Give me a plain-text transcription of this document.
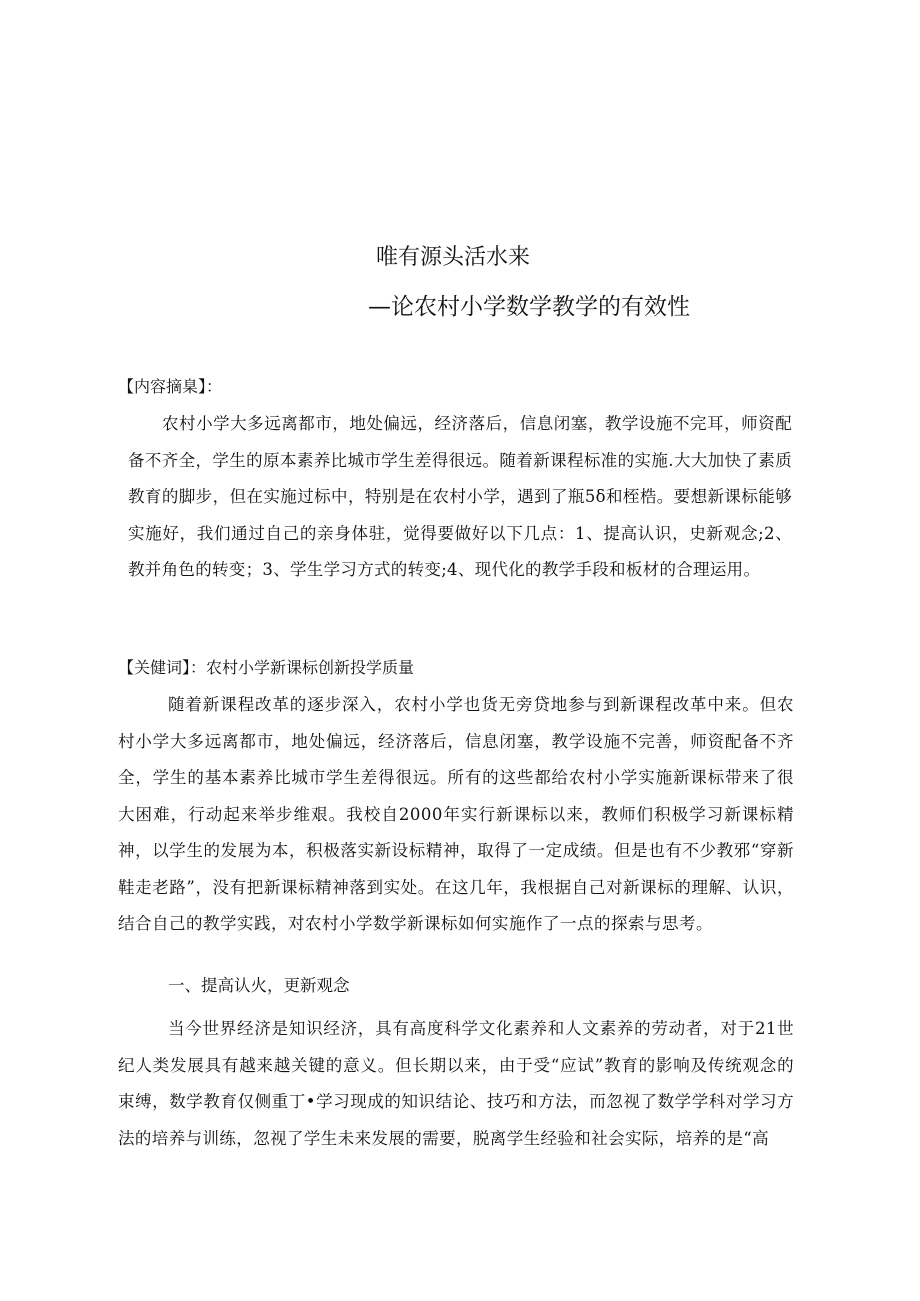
唯有源头活水来
—论农村小学数学教学的有效性
【内容摘臬】：

农村小学大多远离都市，地处偏远，经济落后，信息闭塞，教学设施不完耳，师资配备不齐全，学生的原本素养比城市学生差得很远。随着新课程标准的实施.大大加快了素质教育的脚步，但在实施过标中，特别是在农村小学，遇到了瓶5δ和桎梏。要想新课标能够实施好，我们通过自己的亲身体驻，觉得要做好以下几点：1、提高认识，史新观念;2、教并角色的转变；3、学生学习方式的转变;4、现代化的教学手段和板材的合理运用。

【关健词】：农村小学新课标创新投学质量

随着新课程改革的逐步深入，农村小学也货无旁贷地参与到新课程改革中来。但农村小学大多远离都市，地处偏远，经济落后，信息闭塞，教学设施不完善，师资配备不齐全，学生的基本素养比城市学生差得很远。所有的这些都给农村小学实施新课标带来了很大困难，行动起来举步维艰。我校自2000年实行新课标以来，教师们积极学习新课标精神，以学生的发展为本，积极落实新设标精神，取得了一定成绩。但是也有不少教邪“穿新鞋走老路”，没有把新课标精神落到实处。在这几年，我根据自己对新课标的理解、认识，结合自己的教学实践，对农村小学数学新课标如何实施作了一点的探索与思考。

一、提高认火，更新观念

当今世界经济是知识经济，具有高度科学文化素养和人文素养的劳动者，对于21世纪人类发展具有越来越关键的意义。但长期以来，由于受“应试”教育的影响及传统观念的束缚，数学教育仅侧重丁•学习现成的知识结论、技巧和方法，而忽视了数学学科对学习方法的培养与训练，忽视了学生未来发展的需要，脱离学生经验和社会实际，培养的是“高
